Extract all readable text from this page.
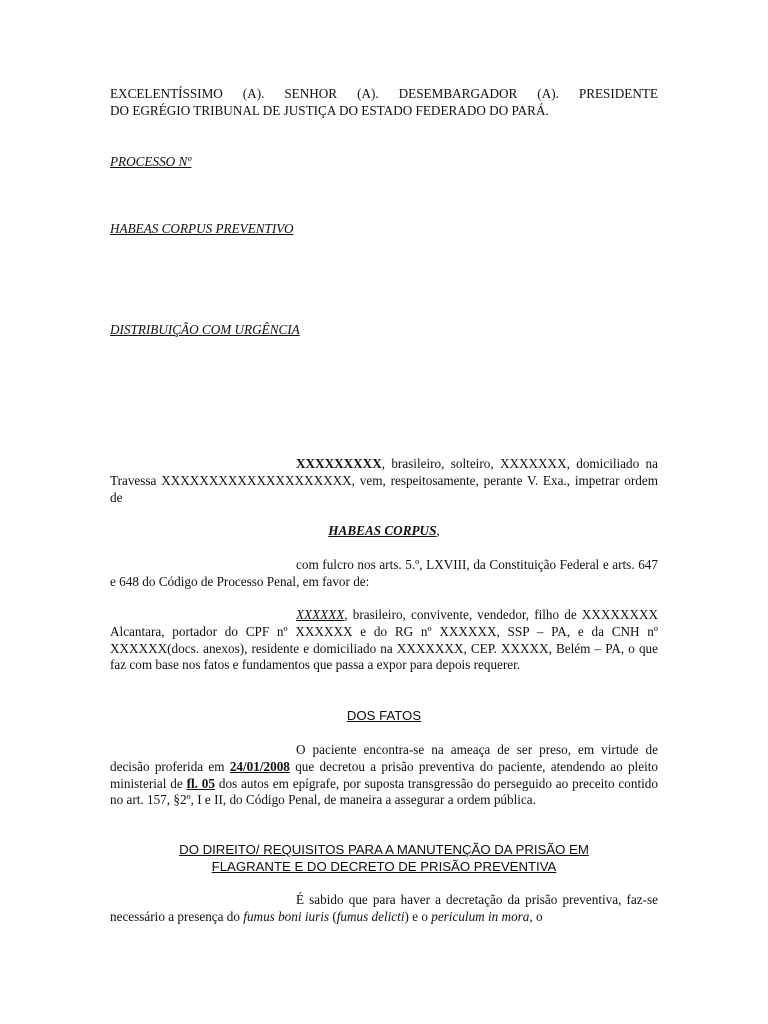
EXCELENTÍSSIMO (A). SENHOR (A). DESEMBARGADOR (A). PRESIDENTE
DO EGRÉGIO TRIBUNAL DE JUSTIÇA DO ESTADO FEDERADO DO PARÁ.
PROCESSO Nº
HABEAS CORPUS PREVENTIVO
DISTRIBUIÇÃO COM URGÊNCIA
XXXXXXXXX, brasileiro, solteiro, XXXXXXX, domiciliado na Travessa XXXXXXXXXXXXXXXXXXXX, vem, respeitosamente, perante V. Exa., impetrar ordem de
HABEAS CORPUS,
com fulcro nos arts. 5.º, LXVIII, da Constituição Federal e arts. 647 e 648 do Código de Processo Penal, em favor de:
XXXXXX, brasileiro, convivente, vendedor, filho de XXXXXXXX Alcantara, portador do CPF nº XXXXXX e do RG nº XXXXXX, SSP – PA, e da CNH nº XXXXXX(docs. anexos), residente e domiciliado na XXXXXXX, CEP. XXXXX, Belém – PA, o que faz com base nos fatos e fundamentos que passa a expor para depois requerer.
DOS FATOS
O paciente encontra-se na ameaça de ser preso, em virtude de decisão proferida em 24/01/2008 que decretou a prisão preventiva do paciente, atendendo ao pleito ministerial de fl. 05 dos autos em epígrafe, por suposta transgressão do perseguido ao preceito contido no art. 157, §2º, I e II, do Código Penal, de maneira a assegurar a ordem pública.
DO DIREITO/ REQUISITOS PARA A MANUTENÇÃO DA PRISÃO EM
FLAGRANTE E DO DECRETO DE PRISÃO PREVENTIVA
É sabido que para haver a decretação da prisão preventiva, faz-se necessário a presença do fumus boni iuris (fumus delicti) e o periculum in mora, o
